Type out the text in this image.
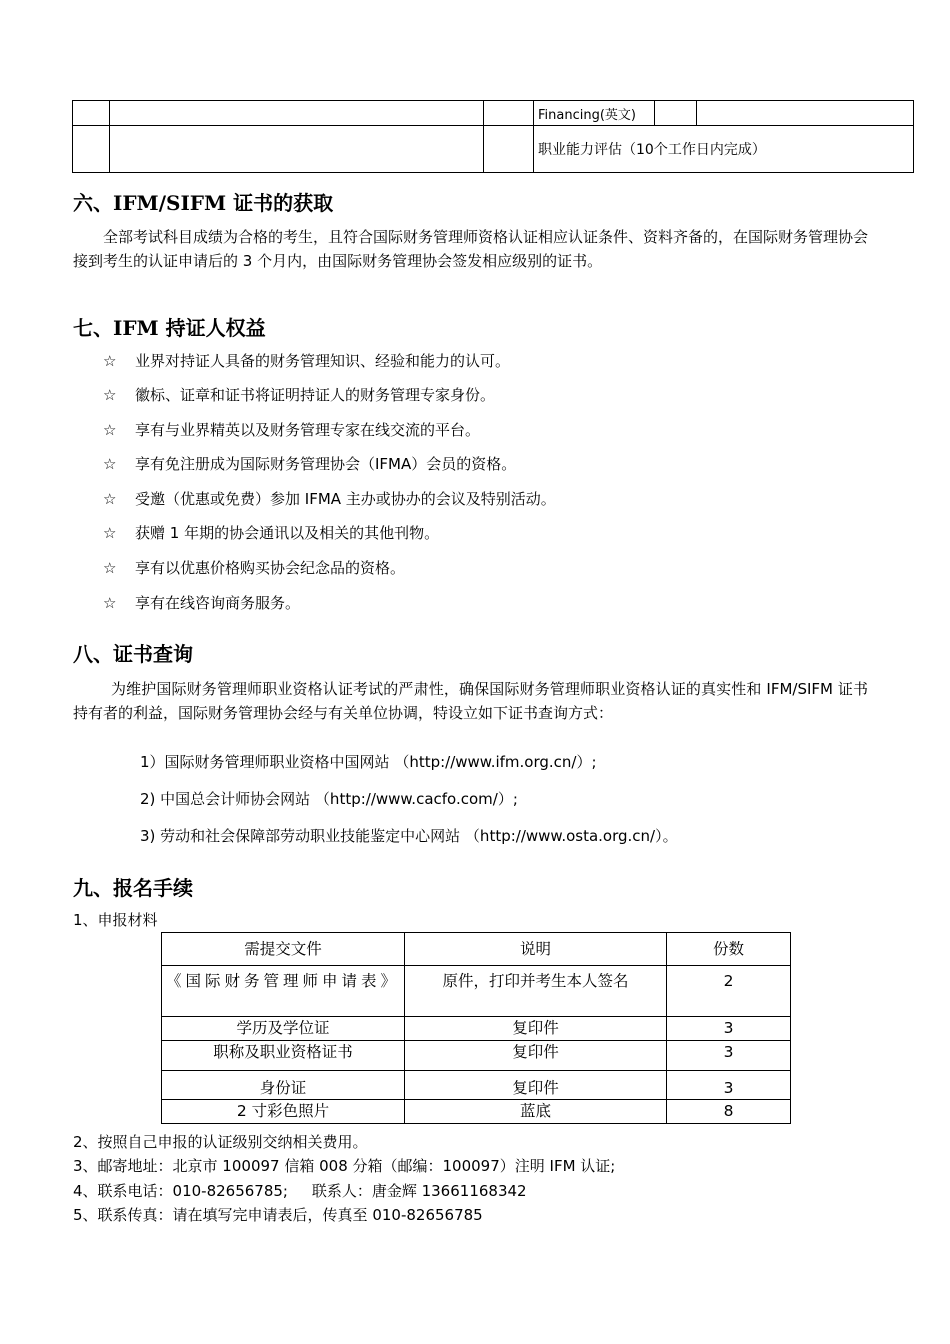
			Financing(英文)		
			职业能力评估（10个工作日内完成）		
六、IFM/SIFM 证书的获取

全部考试科目成绩为合格的考生，且符合国际财务管理师资格认证相应认证条件、资料齐备的，在国际财务管理协会接到考生的认证申请后的 3 个月内，由国际财务管理协会签发相应级别的证书。

七、IFM 持证人权益
☆ 业界对持证人具备的财务管理知识、经验和能力的认可。
☆ 徽标、证章和证书将证明持证人的财务管理专家身份。
☆ 享有与业界精英以及财务管理专家在线交流的平台。
☆ 享有免注册成为国际财务管理协会（IFMA）会员的资格。
☆ 受邀（优惠或免费）参加 IFMA 主办或协办的会议及特别活动。
☆ 获赠 1 年期的协会通讯以及相关的其他刊物。
☆ 享有以优惠价格购买协会纪念品的资格。
☆ 享有在线咨询商务服务。
八、证书查询

为维护国际财务管理师职业资格认证考试的严肃性，确保国际财务管理师职业资格认证的真实性和 IFM/SIFM 证书持有者的利益，国际财务管理协会经与有关单位协调，特设立如下证书查询方式：

1）国际财务管理师职业资格中国网站 （http://www.ifm.org.cn/）;
2) 中国总会计师协会网站 （http://www.cacfo.com/）;
3) 劳动和社会保障部劳动职业技能鉴定中心网站 （http://www.osta.org.cn/）。
九、报名手续
1、申报材料
需提交文件	说明	份数
《国际财务管理师申请表》	原件，打印并考生本人签名	2
学历及学位证	复印件	3
职称及职业资格证书	复印件	3
身份证	复印件	3
2 寸彩色照片	蓝底	8
2、按照自己申报的认证级别交纳相关费用。
3、邮寄地址：北京市 100097 信箱 008 分箱（邮编：100097）注明 IFM 认证;
4、联系电话：010-82656785;     联系人：唐金辉 13661168342
5、联系传真：请在填写完申请表后，传真至 010-82656785
